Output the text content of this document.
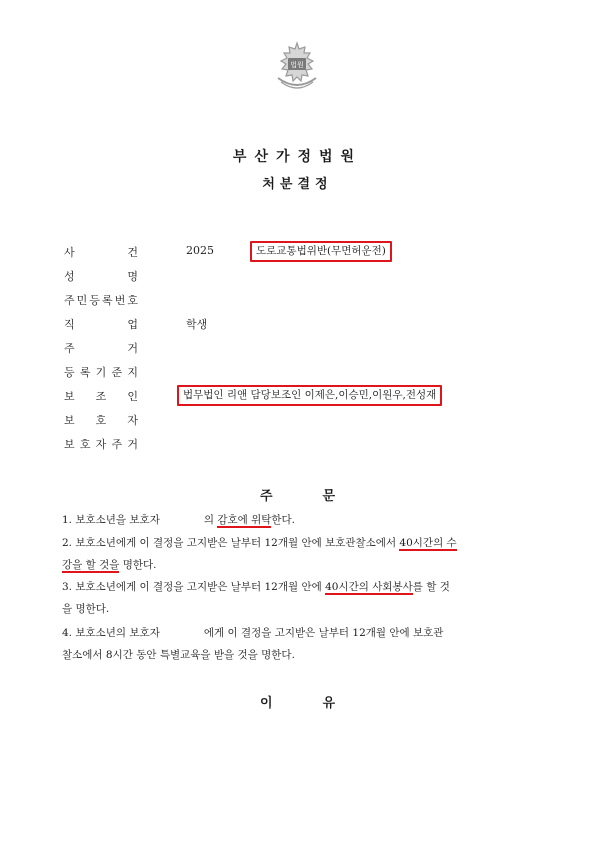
법원
부산가정법원
처분결정
사	건	2025	도로교통법위반(무면허운전)
성	명
주 민 등 록 번 호
직	업	학생
주	거
등 록 기 준 지
보 조 인	법무법인 리앤 담당보조인 이제은,이승민,이원우,전성재
보 호 자
보 호 자 주 거
주문
1. 보호소년을 보호자	의 감호에 위탁한다.
2. 보호소년에게 이 결정을 고지받은 날부터 12개월 안에 보호관찰소에서 40시간의 수
강을 할 것을 명한다.
3. 보호소년에게 이 결정을 고지받은 날부터 12개월 안에 40시간의 사회봉사를 할 것
을 명한다.
4. 보호소년의 보호자	에게 이 결정을 고지받은 날부터 12개월 안에 보호관
찰소에서 8시간 동안 특별교육을 받을 것을 명한다.
이유
